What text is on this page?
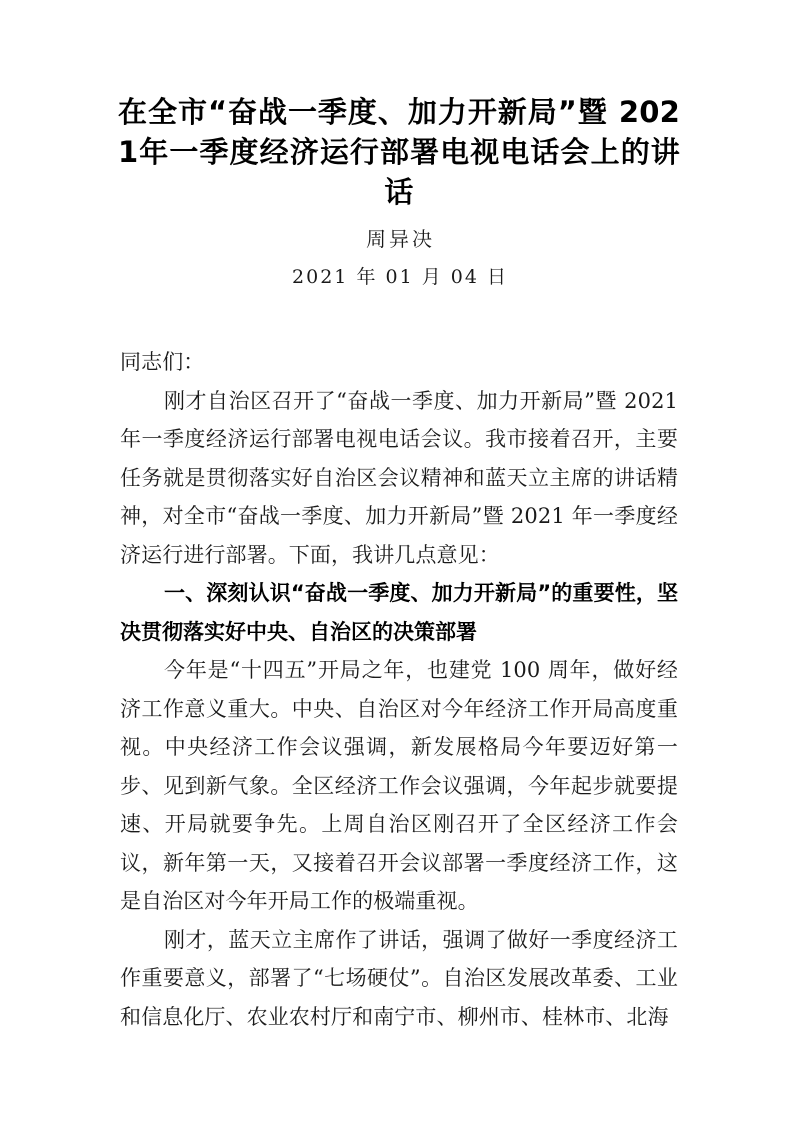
在全市“奋战一季度、加力开新局”暨 2021年一季度经济运行部署电视电话会上的讲话
周异决
2021 年 01 月 04 日

同志们：

刚才自治区召开了“奋战一季度、加力开新局”暨 2021 年一季度经济运行部署电视电话会议。我市接着召开，主要任务就是贯彻落实好自治区会议精神和蓝天立主席的讲话精神，对全市“奋战一季度、加力开新局”暨 2021 年一季度经济运行进行部署。下面，我讲几点意见：

一、深刻认识“奋战一季度、加力开新局”的重要性，坚决贯彻落实好中央、自治区的决策部署

今年是“十四五”开局之年，也建党 100 周年，做好经济工作意义重大。中央、自治区对今年经济工作开局高度重视。中央经济工作会议强调，新发展格局今年要迈好第一步、见到新气象。全区经济工作会议强调，今年起步就要提速、开局就要争先。上周自治区刚召开了全区经济工作会议，新年第一天，又接着召开会议部署一季度经济工作，这是自治区对今年开局工作的极端重视。

刚才，蓝天立主席作了讲话，强调了做好一季度经济工作重要意义，部署了“七场硬仗”。自治区发展改革委、工业和信息化厅、农业农村厅和南宁市、柳州市、桂林市、北海
